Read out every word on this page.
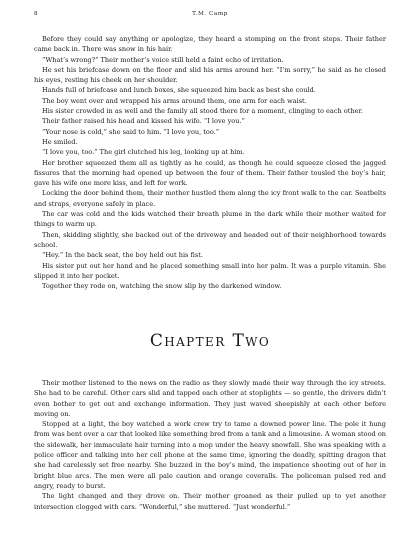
8	T.M. Camp

Before they could say anything or apologize, they heard a stomping on the front steps. Their father came back in. There was snow in his hair.

“What’s wrong?” Their mother’s voice still held a faint echo of irritation.

He set his briefcase down on the floor and slid his arms around her. “I’m sorry,” he said as he closed his eyes, resting his cheek on her shoulder.

Hands full of briefcase and lunch boxes, she squeezed him back as best she could.

The boy went over and wrapped his arms around them, one arm for each waist.

His sister crowded in as well and the family all stood there for a moment, clinging to each other.

Their father raised his head and kissed his wife. “I love you.”

“Your nose is cold,” she said to him. “I love you, too.”

He smiled.

“I love you, too.” The girl clutched his leg, looking up at him.

Her brother squeezed them all as tightly as he could, as though he could squeeze closed the jagged fissures that the morning had opened up between the four of them. Their father tousled the boy’s hair, gave his wife one more kiss, and left for work.

Locking the door behind them, their mother hustled them along the icy front walk to the car. Seatbelts and straps, everyone safely in place.

The car was cold and the kids watched their breath plume in the dark while their mother waited for things to warm up.

Then, skidding slightly, she backed out of the driveway and headed out of their neighborhood towards school.

“Hey.” In the back seat, the boy held out his fist.

His sister put out her hand and he placed something small into her palm. It was a purple vitamin. She slipped it into her pocket.

Together they rode on, watching the snow slip by the darkened window.

Chapter Two

Their mother listened to the news on the radio as they slowly made their way through the icy streets. She had to be careful. Other cars slid and tapped each other at stoplights — so gentle, the drivers didn’t even bother to get out and exchange information. They just waved sheepishly at each other before moving on.

Stopped at a light, the boy watched a work crew try to tame a downed power line. The pole it hung from was bent over a car that looked like something bred from a tank and a limousine. A woman stood on the sidewalk, her immaculate hair turning into a mop under the heavy snowfall. She was speaking with a police officer and talking into her cell phone at the same time, ignoring the deadly, spitting dragon that she had carelessly set free nearby. She buzzed in the boy’s mind, the impatience shooting out of her in bright blue arcs. The men were all pale caution and orange coveralls. The policeman pulsed red and angry, ready to burst.

The light changed and they drove on. Their mother groaned as their pulled up to yet another intersection clogged with cars. “Wonderful,” she muttered. “Just wonderful.”
